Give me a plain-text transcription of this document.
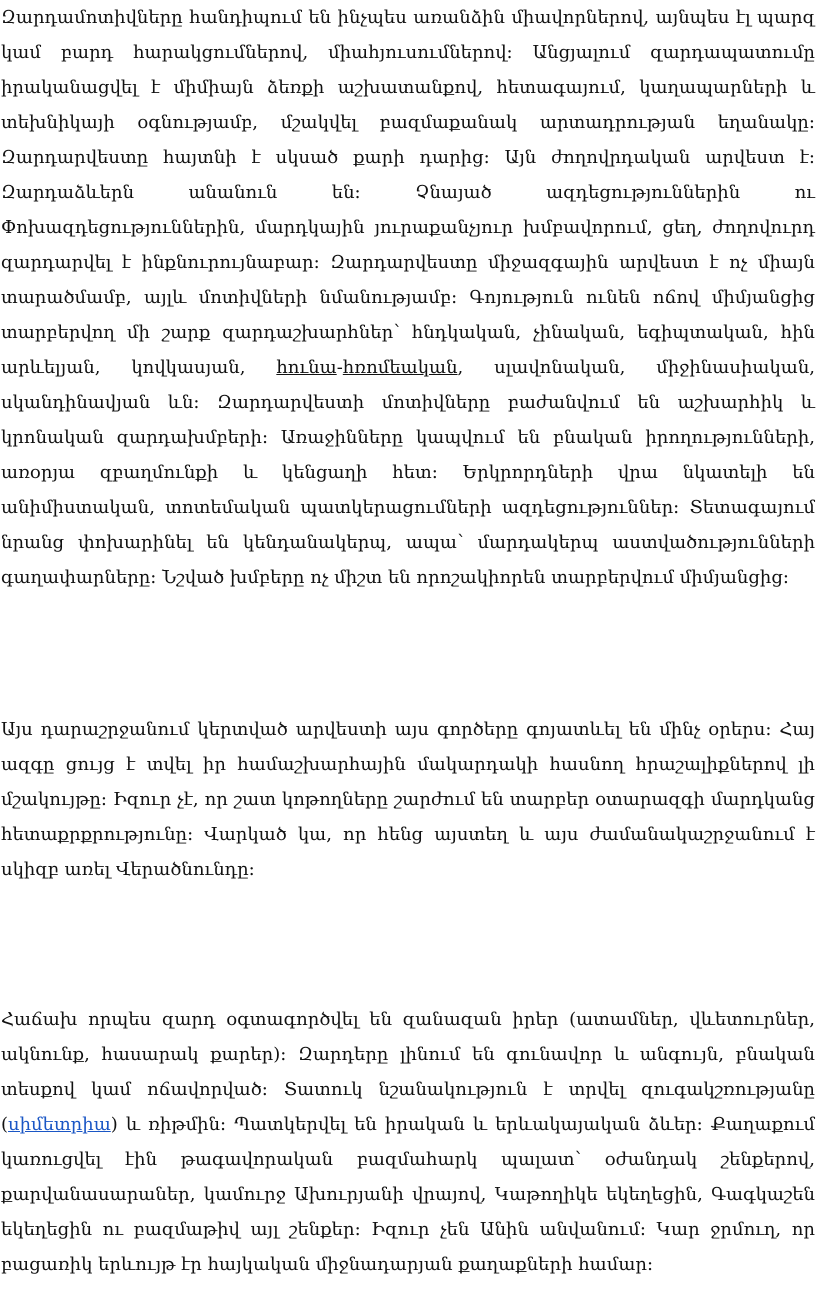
Զարդամոտիվները հանդիպում են ինչպես առանձին միավորներով, այնպես էլ պարզ կամ բարդ հարակցումներով, միահյուսումներով։ Անցյալում զարդապատումը իրականացվել է միմիայն ձեռքի աշխատանքով, հետագայում, կաղապարների և տեխնիկայի օգնությամբ, մշակվել բազմաքանակ արտադրության եղանակը։ Զարդարվեստը հայտնի է սկսած քարի դարից։ Այն ժողովրդական արվեստ է։ Զարդաձևերն անանուն են։ Չնայած ազդեցություններին ու Փոխազդեցություններին, մարդկային յուրաքանչյուր խմբավորում, ցեղ, ժողովուրդ զարդարվել է ինքնուրույնաբար։ Զարդարվեստը միջազգային արվեստ է ոչ միայն տարածմամբ, այլև մոտիվների նմանությամբ։ Գոյություն ունեն ոճով միմյանցից տարբերվող մի շարք զարդաշխարհներ՝ հնդկական, չինական, եգիպտական, հին արևելյան, կովկասյան, հունա-հռոմեական, սլավոնական, միջինասիական, սկանդինավյան ևն։ Զարդարվեստի մոտիվները բաժանվում են աշխարհիկ և կրոնական զարդախմբերի։ Առաջինները կապվում են բնական իրողությունների, առօրյա զբաղմունքի և կենցաղի հետ։ Երկրորդների վրա նկատելի են անիմիստական, տոտեմական պատկերացումների ազդեցություններ։ Տետագայում նրանց փոխարինել են կենդանակերպ, ապա՝ մարդակերպ աստվածությունների գաղափարները։ Նշված խմբերը ոչ միշտ են որոշակիորեն տարբերվում միմյանցից։

Այս դարաշրջանում կերտված արվեստի այս գործերը գոյատևել են մինչ օրերս։ Հայ ազգը ցույց է տվել իր համաշխարհային մակարդակի հասնող հրաշալիքներով լի մշակույթը։ Իզուր չէ, որ շատ կոթողները շարժում են տարբեր օտարազգի մարդկանց հետաքրքրությունը։ Վարկած կա, որ հենց այստեղ և այս ժամանակաշրջանում է սկիզբ առել Վերածնունդը:

Հաճախ որպես զարդ օգտագործվել են զանազան իրեր (ատամներ, վևետուրներ, ակնունք, հասարակ քարեր)։ Զարդերը լինում են գունավոր և անգույն, բնական տեսքով կամ ոճավորված։ Տատուկ նշանակություն է տրվել զուգակշռությանը (սիմետրիա) և ռիթմին։ Պատկերվել են իրական և երևակայական ձևեր։ Քաղաքում կառուցվել էին թագավորական բազմահարկ պալատ՝ օժանդակ շենքերով, քարվանասարաներ, կամուրջ Ախուրյանի վրայով, Կաթողիկե եկեղեցին, Գագկաշեն եկեղեցին ու բազմաթիվ այլ շենքեր։ Իզուր չեն Անին անվանում։ Կար ջրմուղ, որ բացառիկ երևույթ էր հայկական միջնադարյան քաղաքների համար:
